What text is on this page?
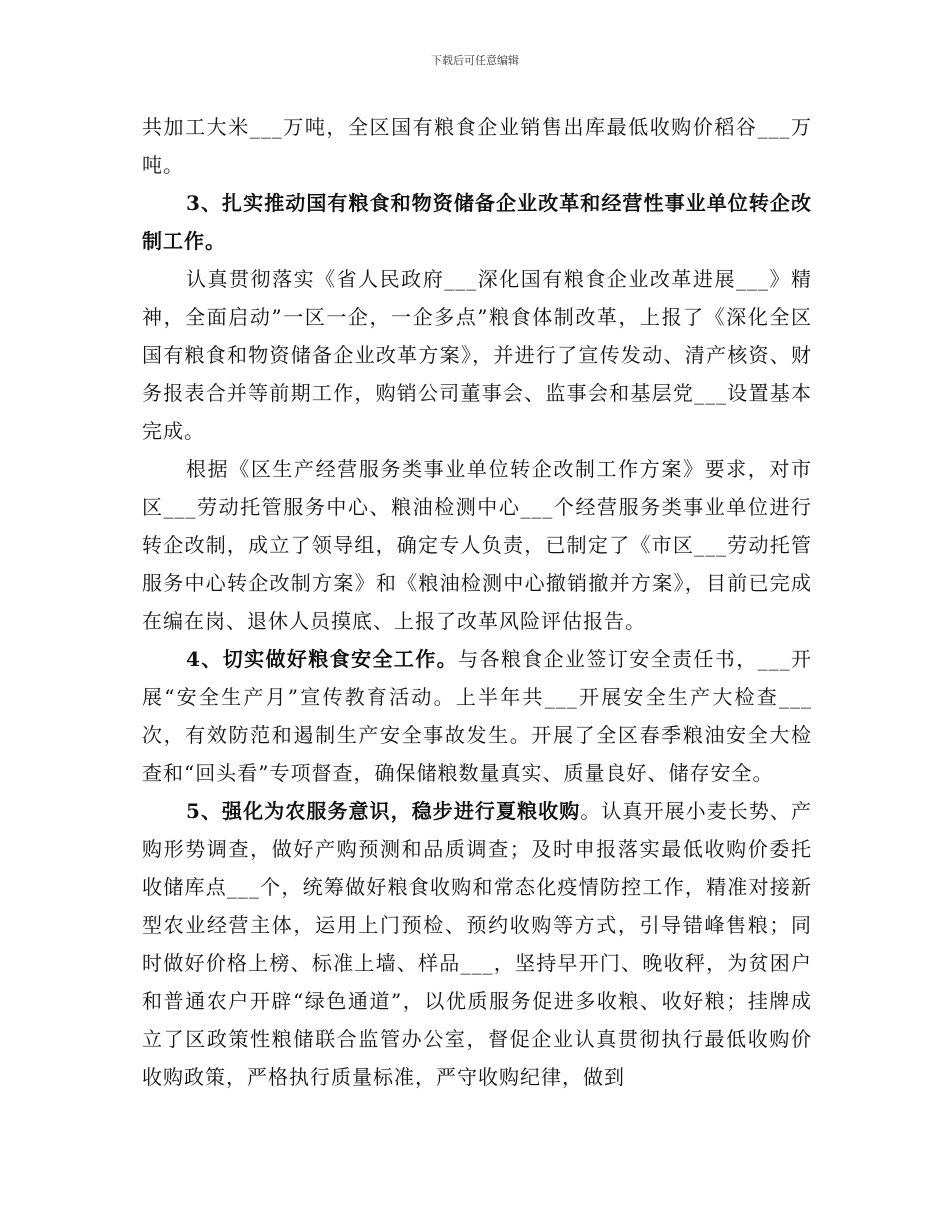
下载后可任意编辑

共加工大米___万吨，全区国有粮食企业销售出库最低收购价稻谷___万吨。

3、扎实推动国有粮食和物资储备企业改革和经营性事业单位转企改制工作。

认真贯彻落实《省人民政府___深化国有粮食企业改革进展___》精神，全面启动”一区一企，一企多点”粮食体制改革，上报了《深化全区国有粮食和物资储备企业改革方案》，并进行了宣传发动、清产核资、财务报表合并等前期工作，购销公司董事会、监事会和基层党___设置基本完成。

根据《区生产经营服务类事业单位转企改制工作方案》要求，对市区___劳动托管服务中心、粮油检测中心___个经营服务类事业单位进行转企改制，成立了领导组，确定专人负责，已制定了《市区___劳动托管服务中心转企改制方案》和《粮油检测中心撤销撤并方案》，目前已完成在编在岗、退休人员摸底、上报了改革风险评估报告。

4、切实做好粮食安全工作。与各粮食企业签订安全责任书，___开展“安全生产月”宣传教育活动。上半年共___开展安全生产大检查___次，有效防范和遏制生产安全事故发生。开展了全区春季粮油安全大检查和“回头看”专项督查，确保储粮数量真实、质量良好、储存安全。

5、强化为农服务意识，稳步进行夏粮收购。认真开展小麦长势、产购形势调查，做好产购预测和品质调查；及时申报落实最低收购价委托收储库点___个，统筹做好粮食收购和常态化疫情防控工作，精准对接新型农业经营主体，运用上门预检、预约收购等方式，引导错峰售粮；同时做好价格上榜、标准上墙、样品___，坚持早开门、晚收秤，为贫困户和普通农户开辟“绿色通道”，以优质服务促进多收粮、收好粮；挂牌成立了区政策性粮储联合监管办公室，督促企业认真贯彻执行最低收购价收购政策，严格执行质量标准，严守收购纪律，做到
